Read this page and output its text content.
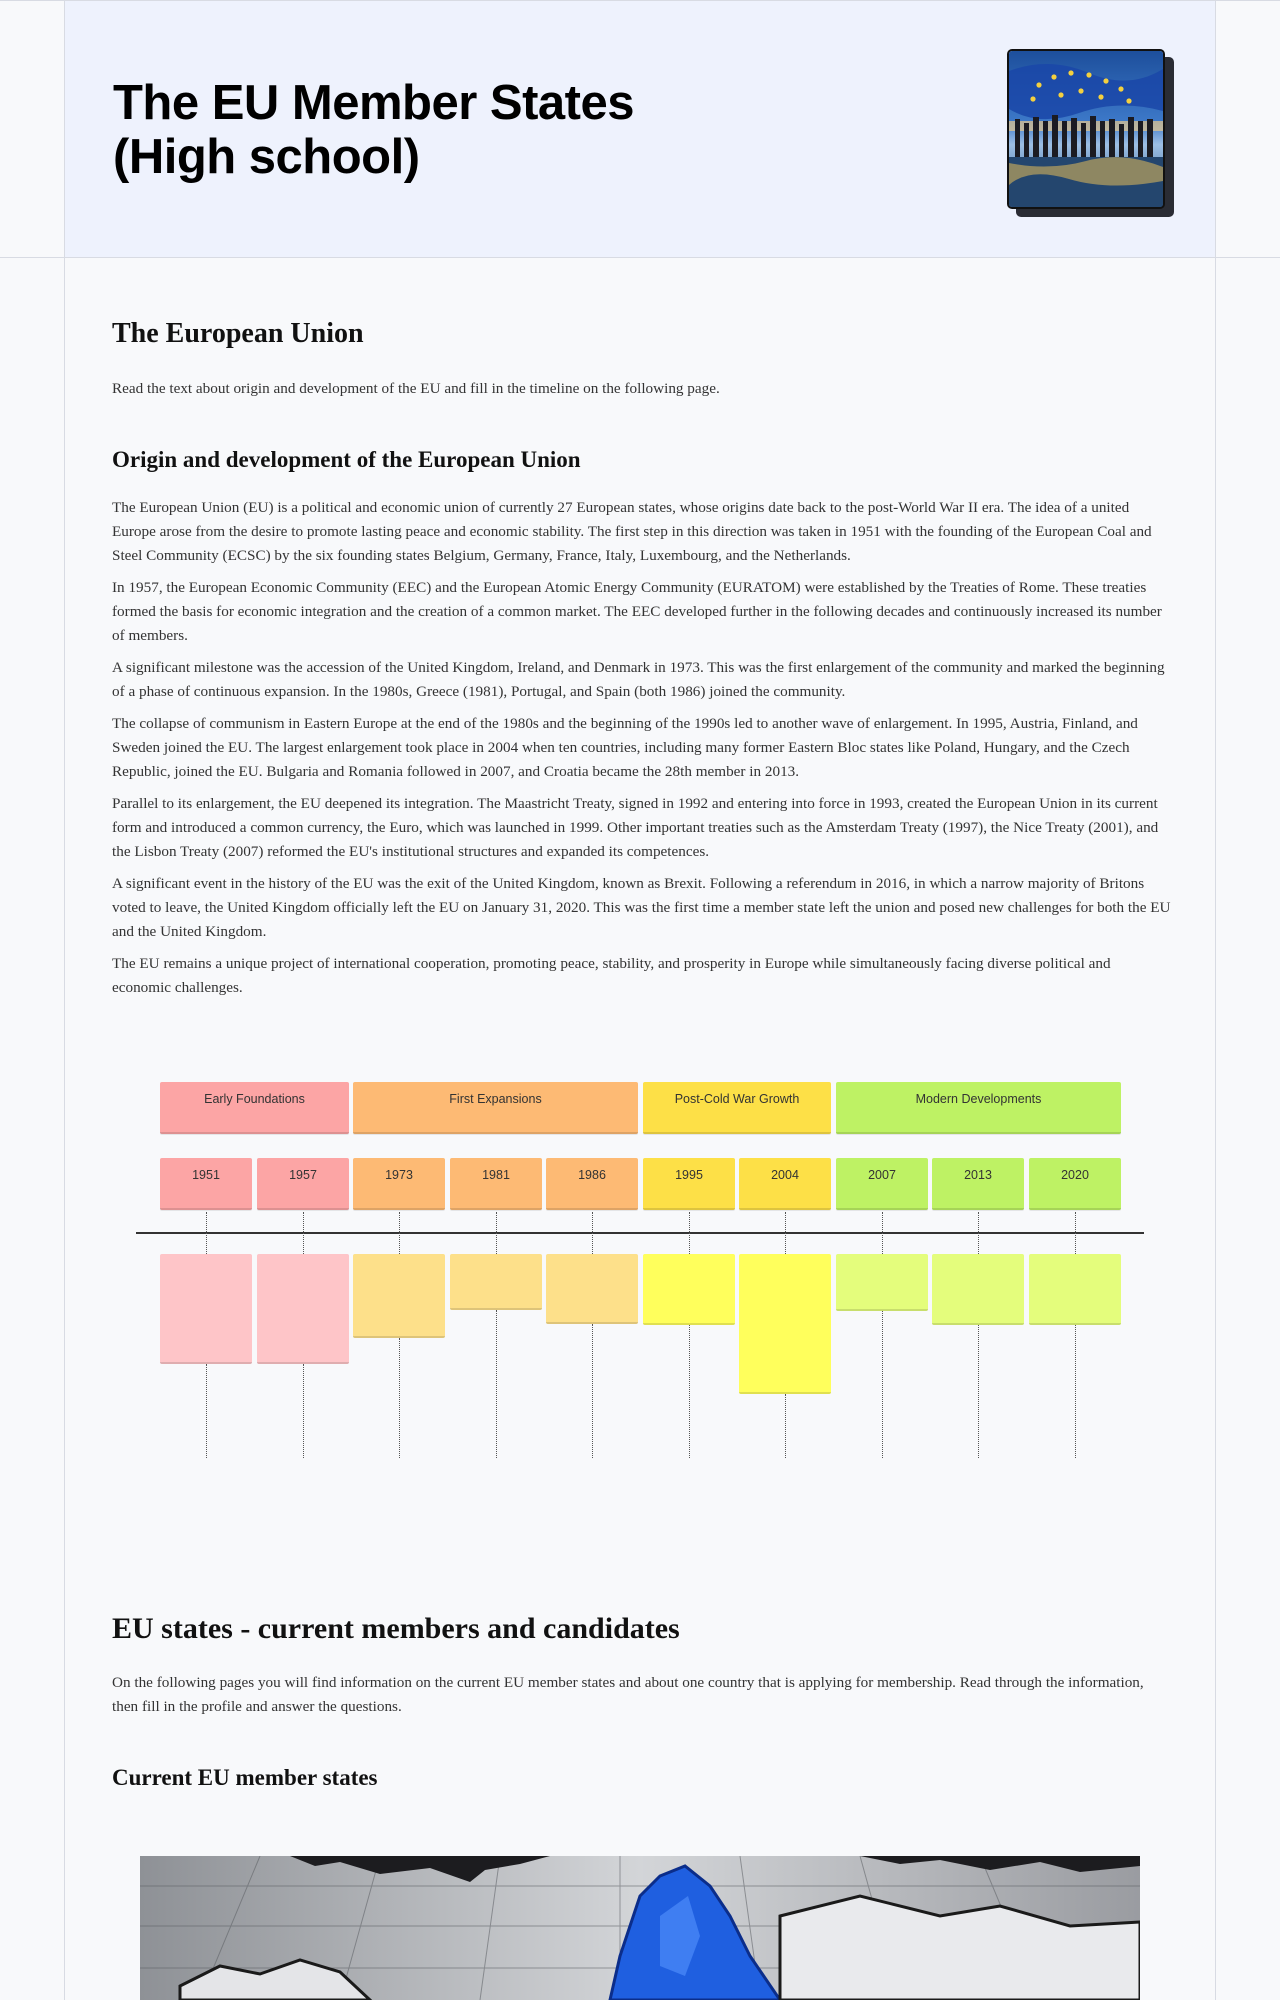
The EU Member States
(High school)
The European Union

Read the text about origin and development of the EU and fill in the timeline on the following page.

Origin and development of the European Union

The European Union (EU) is a political and economic union of currently 27 European states, whose origins date back to the post-World War II era. The idea of a united Europe arose from the desire to promote lasting peace and economic stability. The first step in this direction was taken in 1951 with the founding of the European Coal and Steel Community (ECSC) by the six founding states Belgium, Germany, France, Italy, Luxembourg, and the Netherlands.

In 1957, the European Economic Community (EEC) and the European Atomic Energy Community (EURATOM) were established by the Treaties of Rome. These treaties formed the basis for economic integration and the creation of a common market. The EEC developed further in the following decades and continuously increased its number of members.

A significant milestone was the accession of the United Kingdom, Ireland, and Denmark in 1973. This was the first enlargement of the community and marked the beginning of a phase of continuous expansion. In the 1980s, Greece (1981), Portugal, and Spain (both 1986) joined the community.

The collapse of communism in Eastern Europe at the end of the 1980s and the beginning of the 1990s led to another wave of enlargement. In 1995, Austria, Finland, and Sweden joined the EU. The largest enlargement took place in 2004 when ten countries, including many former Eastern Bloc states like Poland, Hungary, and the Czech Republic, joined the EU. Bulgaria and Romania followed in 2007, and Croatia became the 28th member in 2013.

Parallel to its enlargement, the EU deepened its integration. The Maastricht Treaty, signed in 1992 and entering into force in 1993, created the European Union in its current form and introduced a common currency, the Euro, which was launched in 1999. Other important treaties such as the Amsterdam Treaty (1997), the Nice Treaty (2001), and the Lisbon Treaty (2007) reformed the EU's institutional structures and expanded its competences.

A significant event in the history of the EU was the exit of the United Kingdom, known as Brexit. Following a referendum in 2016, in which a narrow majority of Britons voted to leave, the United Kingdom officially left the EU on January 31, 2020. This was the first time a member state left the union and posed new challenges for both the EU and the United Kingdom.

The EU remains a unique project of international cooperation, promoting peace, stability, and prosperity in Europe while simultaneously facing diverse political and economic challenges.

Early Foundations	First Expansions	Post-Cold War Growth	Modern Developments
1951	1957	1973	1981	1986	1995	2004	2007	2013	2020
EU states - current members and candidates

On the following pages you will find information on the current EU member states and about one country that is applying for membership. Read through the information, then fill in the profile and answer the questions.

Current EU member states
